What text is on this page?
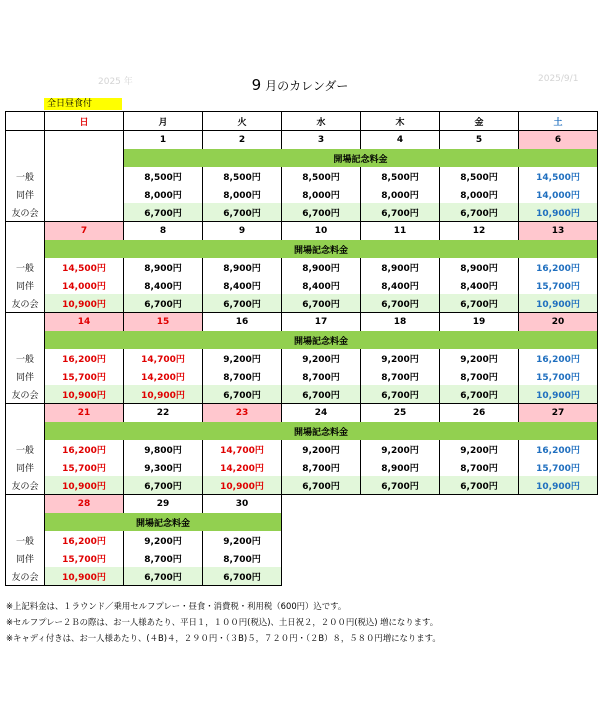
2025 年	9 月のカレンダー	2025/9/1
全日昼食付
	日	月	火	水	木	金	土
		1	2	3	4	5	6
		開場記念料金					
一般		8,500円	8,500円	8,500円	8,500円	8,500円	14,500円
同伴		8,000円	8,000円	8,000円	8,000円	8,000円	14,000円
友の会		6,700円	6,700円	6,700円	6,700円	6,700円	10,900円
	7	8	9	10	11	12	13
	開場記念料金						
一般	14,500円	8,900円	8,900円	8,900円	8,900円	8,900円	16,200円
同伴	14,000円	8,400円	8,400円	8,400円	8,400円	8,400円	15,700円
友の会	10,900円	6,700円	6,700円	6,700円	6,700円	6,700円	10,900円
	14	15	16	17	18	19	20
	開場記念料金						
一般	16,200円	14,700円	9,200円	9,200円	9,200円	9,200円	16,200円
同伴	15,700円	14,200円	8,700円	8,700円	8,700円	8,700円	15,700円
友の会	10,900円	10,900円	6,700円	6,700円	6,700円	6,700円	10,900円
	21	22	23	24	25	26	27
	開場記念料金						
一般	16,200円	9,800円	14,700円	9,200円	9,200円	9,200円	16,200円
同伴	15,700円	9,300円	14,200円	8,700円	8,900円	8,700円	15,700円
友の会	10,900円	6,700円	10,900円	6,700円	6,700円	6,700円	10,900円
	28	29	30				
	開場記念料金						
一般	16,200円	9,200円	9,200円				
同伴	15,700円	8,700円	8,700円				
友の会	10,900円	6,700円	6,700円				
※上記料金は、１ラウンド／乗用セルフプレー・昼食・消費税・利用税（600円）込です。
※セルフプレー２Ｂの際は、お一人様あたり、平日１，１００円(税込)、土日祝２，２００円(税込) 増になります。
※キャディ付きは、お一人様あたり、(４B)４，２９０円・（３B)５，７２０円・（２B）８，５８０円増になります。
